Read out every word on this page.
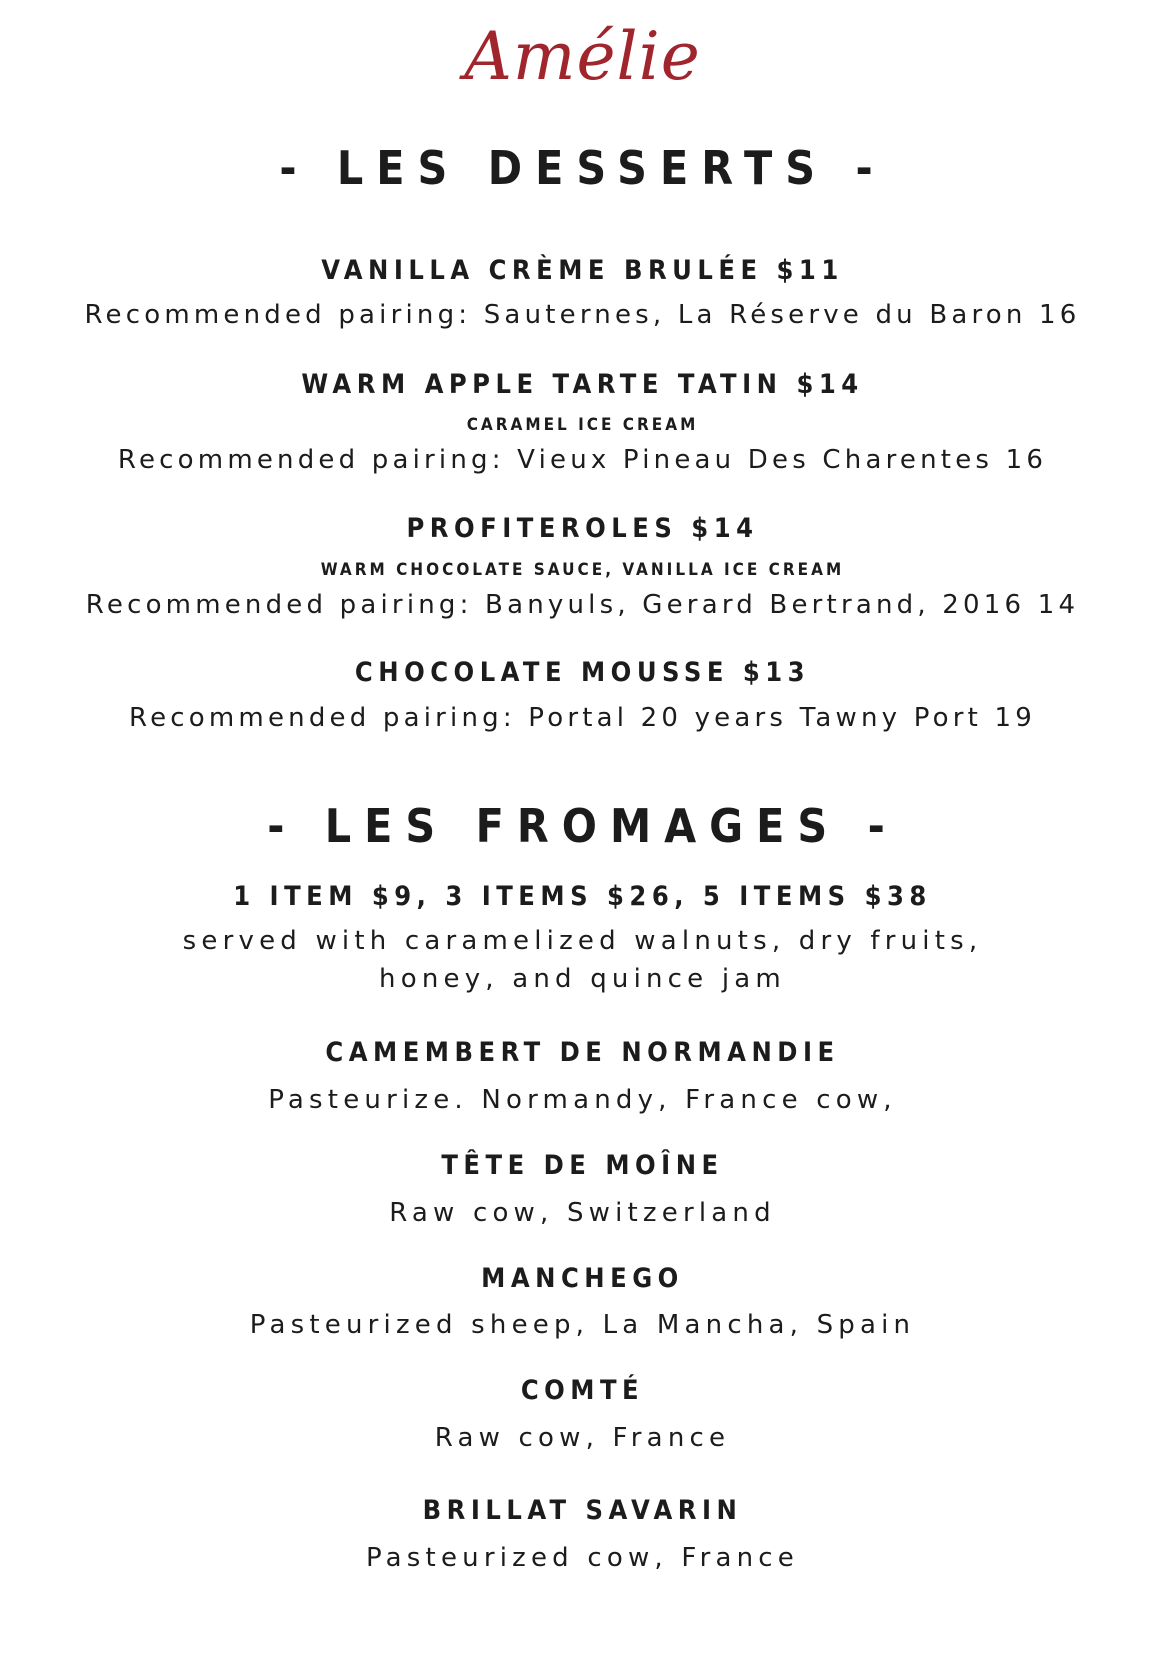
Amélie
- LES DESSERTS -
VANILLA CRÈME BRULÉE $11
Recommended pairing: Sauternes, La Réserve du Baron 16
WARM APPLE TARTE TATIN $14
CARAMEL ICE CREAM
Recommended pairing: Vieux Pineau Des Charentes 16
PROFITEROLES $14
WARM CHOCOLATE SAUCE, VANILLA ICE CREAM
Recommended pairing: Banyuls, Gerard Bertrand, 2016 14
CHOCOLATE MOUSSE $13
Recommended pairing: Portal 20 years Tawny Port 19
- LES FROMAGES -
1 ITEM $9, 3 ITEMS $26, 5 ITEMS $38
served with caramelized walnuts, dry fruits,
honey, and quince jam
CAMEMBERT DE NORMANDIE
Pasteurize. Normandy, France cow,
TÊTE DE MOÎNE
Raw cow, Switzerland
MANCHEGO
Pasteurized sheep, La Mancha, Spain
COMTÉ
Raw cow, France
BRILLAT SAVARIN
Pasteurized cow, France
